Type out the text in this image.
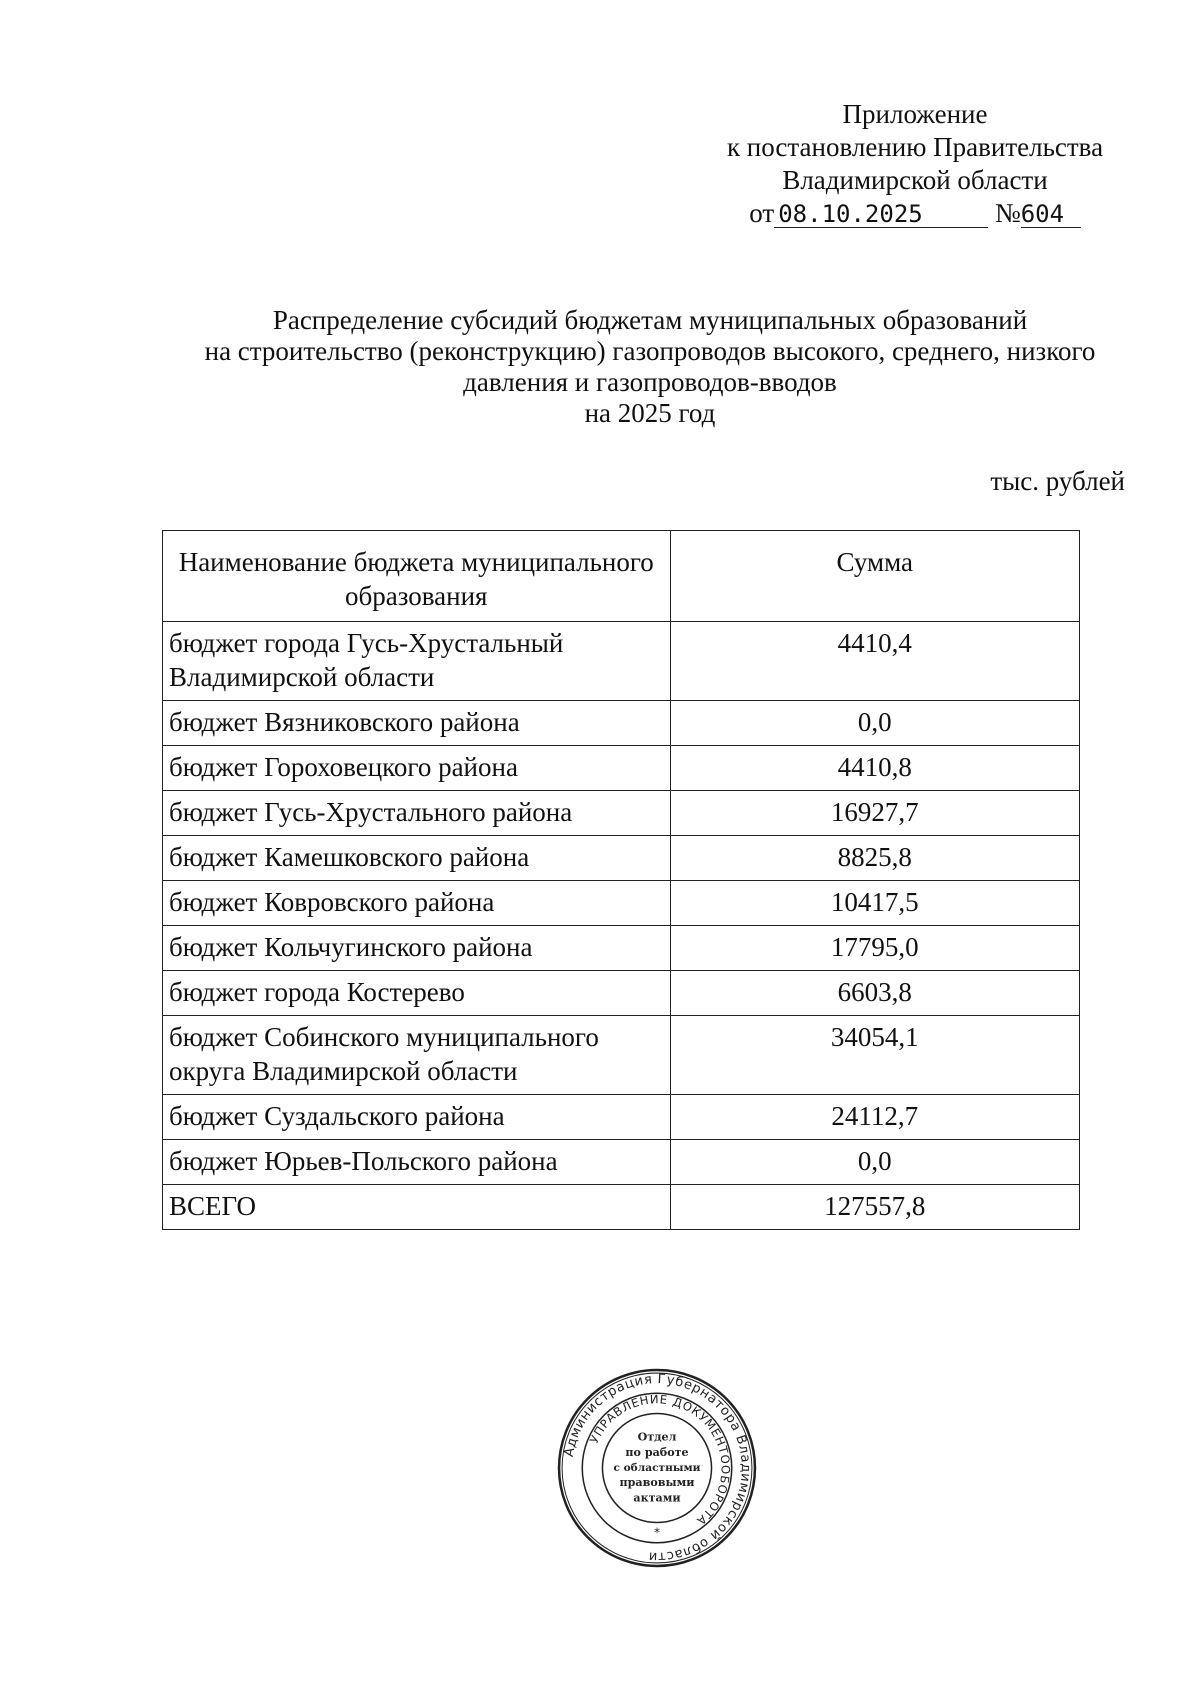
Приложение
к постановлению Правительства
Владимирской области
от 08.10.2025	№604
Распределение субсидий бюджетам муниципальных образований
на строительство (реконструкцию) газопроводов высокого, среднего, низкого
давления и газопроводов-вводов
на 2025 год
тыс. рублей
Наименование бюджета муниципального образования	Сумма
бюджет города Гусь-Хрустальный Владимирской области	4410,4
бюджет Вязниковского района	0,0
бюджет Гороховецкого района	4410,8
бюджет Гусь-Хрустального района	16927,7
бюджет Камешковского района	8825,8
бюджет Ковровского района	10417,5
бюджет Кольчугинского района	17795,0
бюджет города Костерево	6603,8
бюджет Собинского муниципального округа Владимирской области	34054,1
бюджет Суздальского района	24112,7
бюджет Юрьев-Польского района	0,0
ВСЕГО	127557,8
Администрация Губернатора Владимирской области
УПРАВЛЕНИЕ ДОКУМЕНТООБОРОТА
Отдел
по работе
с областными
правовыми
актами
*
